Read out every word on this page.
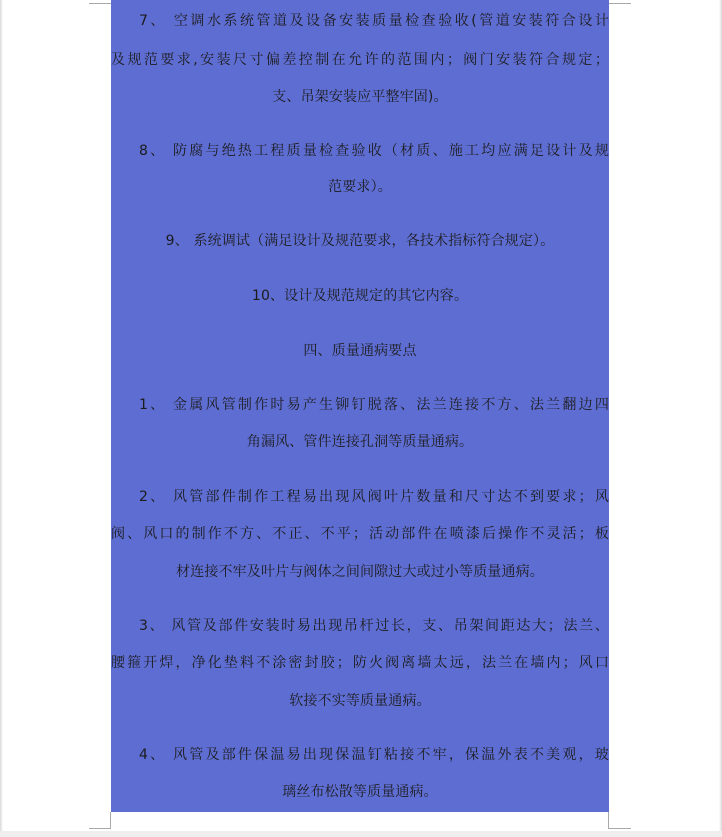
7、 空调水系统管道及设备安装质量检查验收(管道安装符合设计
及规范要求,安装尺寸偏差控制在允许的范围内；阀门安装符合规定；
支、吊架安装应平整牢固)。
8、 防腐与绝热工程质量检查验收（材质、施工均应满足设计及规
范要求）。
9、 系统调试（满足设计及规范要求，各技术指标符合规定）。
10、设计及规范规定的其它内容。
四、质量通病要点
1、 金属风管制作时易产生铆钉脱落、法兰连接不方、法兰翻边四
角漏风、管件连接孔洞等质量通病。
2、 风管部件制作工程易出现风阀叶片数量和尺寸达不到要求；风
阀、风口的制作不方、不正、不平；活动部件在喷漆后操作不灵活；板
材连接不牢及叶片与阀体之间间隙过大或过小等质量通病。
3、 风管及部件安装时易出现吊杆过长，支、吊架间距达大；法兰、
腰箍开焊，净化垫料不涂密封胶；防火阀离墙太远，法兰在墙内；风口
软接不实等质量通病。
4、 风管及部件保温易出现保温钉粘接不牢，保温外表不美观，玻
璃丝布松散等质量通病。
